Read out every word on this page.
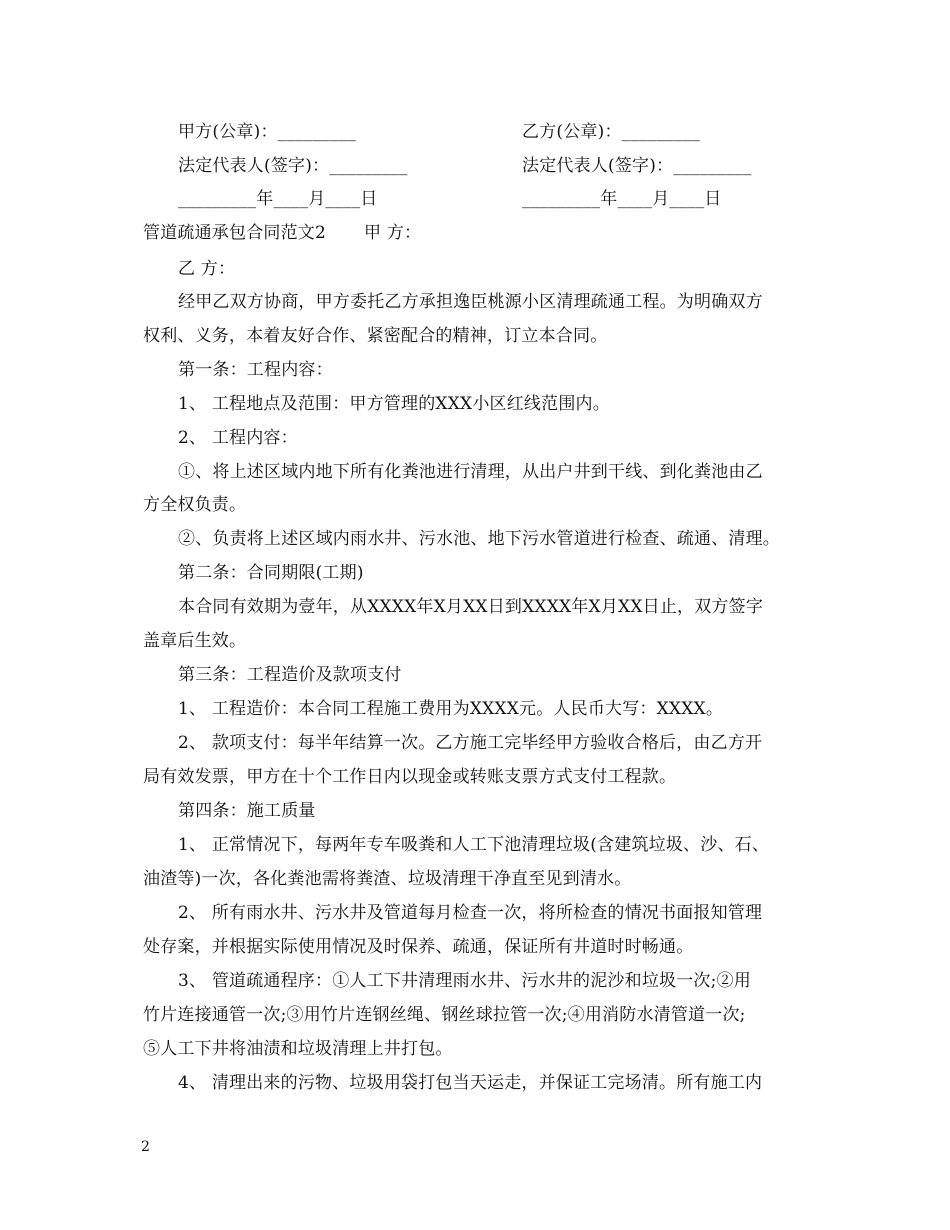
甲方(公章)：_________	乙方(公章)：_________
法定代表人(签字)：_________	法定代表人(签字)：_________
_________年____月____日	_________年____月____日
管道疏通承包合同范文2 甲 方：
乙 方：
经甲乙双方协商，甲方委托乙方承担逸臣桃源小区清理疏通工程。为明确双方
权利、义务，本着友好合作、紧密配合的精神，订立本合同。
第一条：工程内容：
1、 工程地点及范围：甲方管理的XXX小区红线范围内。
2、 工程内容：
①、将上述区域内地下所有化粪池进行清理，从出户井到干线、到化粪池由乙
方全权负责。
②、负责将上述区域内雨水井、污水池、地下污水管道进行检查、疏通、清理。
第二条：合同期限(工期)
本合同有效期为壹年，从XXXX年X月XX日到XXXX年X月XX日止，双方签字
盖章后生效。
第三条：工程造价及款项支付
1、 工程造价：本合同工程施工费用为XXXX元。人民币大写：XXXX。
2、 款项支付：每半年结算一次。乙方施工完毕经甲方验收合格后，由乙方开
局有效发票，甲方在十个工作日内以现金或转账支票方式支付工程款。
第四条：施工质量
1、 正常情况下，每两年专车吸粪和人工下池清理垃圾(含建筑垃圾、沙、石、
油渣等)一次，各化粪池需将粪渣、垃圾清理干净直至见到清水。
2、 所有雨水井、污水井及管道每月检查一次，将所检查的情况书面报知管理
处存案，并根据实际使用情况及时保养、疏通，保证所有井道时时畅通。
3、 管道疏通程序：①人工下井清理雨水井、污水井的泥沙和垃圾一次;②用
竹片连接通管一次;③用竹片连钢丝绳、钢丝球拉管一次;④用消防水清管道一次;
⑤人工下井将油渍和垃圾清理上井打包。
4、 清理出来的污物、垃圾用袋打包当天运走，并保证工完场清。所有施工内
2
